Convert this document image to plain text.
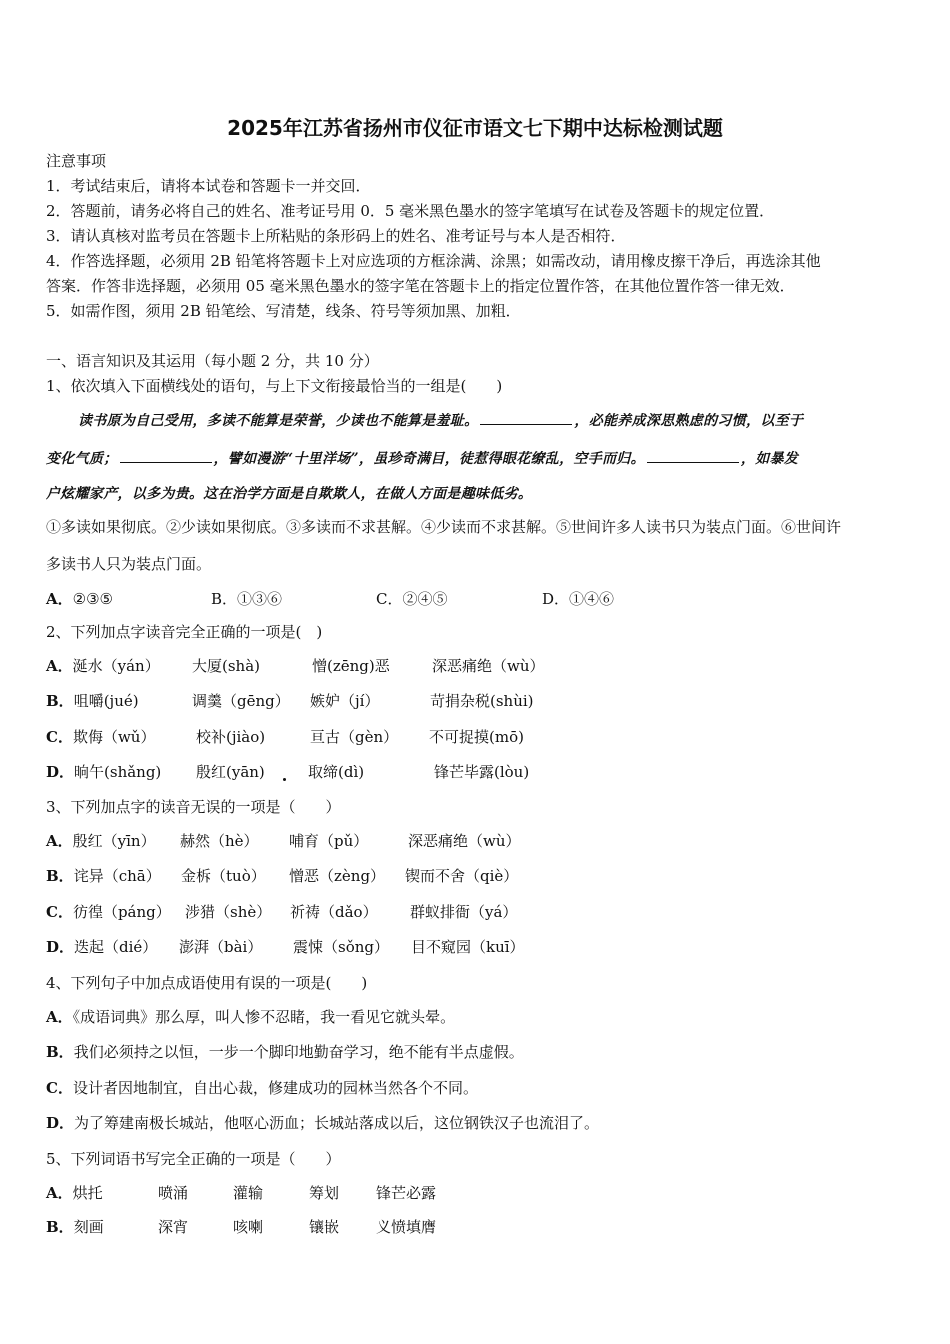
2025年江苏省扬州市仪征市语文七下期中达标检测试题
注意事项
1．考试结束后，请将本试卷和答题卡一并交回．
2．答题前，请务必将自己的姓名、准考证号用 0．5 毫米黑色墨水的签字笔填写在试卷及答题卡的规定位置．
3．请认真核对监考员在答题卡上所粘贴的条形码上的姓名、准考证号与本人是否相符．
4．作答选择题，必须用 2B 铅笔将答题卡上对应选项的方框涂满、涂黑；如需改动，请用橡皮擦干净后，再选涂其他
答案．作答非选择题，必须用 05 毫米黑色墨水的签字笔在答题卡上的指定位置作答，在其他位置作答一律无效．
5．如需作图，须用 2B 铅笔绘、写清楚，线条、符号等须加黑、加粗．
一、语言知识及其运用（每小题 2 分，共 10 分）
1、依次填入下面横线处的语句，与上下文衔接最恰当的一组是(　　)
读书原为自己受用，多读不能算是荣誉，少读也不能算是羞耻。	，必能养成深思熟虑的习惯，以至于
变化气质；	，譬如漫游“十里洋场”，虽珍奇满目，徒惹得眼花缭乱，空手而归。	，如暴发
户炫耀家产，以多为贵。这在治学方面是自欺欺人，在做人方面是趣味低劣。
①多读如果彻底。②少读如果彻底。③多读而不求甚解。④少读而不求甚解。⑤世间许多人读书只为装点门面。⑥世间许
多读书人只为装点门面。
A．②③⑤	B．①③⑥	C．②④⑤	D．①④⑥
2、下列加点字读音完全正确的一项是(　)
A．涎水（yán） 大厦(shà)	憎(zēng)恶	深恶痛绝（wù）
B．咀嚼(jué)	调羹（gēng） 嫉妒（jí）	苛捐杂税(shùi)
C．欺侮（wǔ）	校补(jiào)	亘古（gèn） 不可捉摸(mō)
D．晌午(shǎng) 殷红(yān)	取缔(dì)	锋芒毕露(lòu)
3、下列加点字的读音无误的一项是（　　）
A．殷红（yīn） 赫然（hè） 哺育（pǔ）	深恶痛绝（wù）
B．诧异（chā） 金柝（tuò） 憎恶（zèng） 锲而不舍（qiè）
C．彷徨（páng） 涉猎（shè） 祈祷（dǎo） 群蚁排衙（yá）
D．迭起（dié） 澎湃（bài） 震悚（sǒng） 目不窥园（kuī）
4、下列句子中加点成语使用有误的一项是(　　)
A．《成语词典》那么厚，叫人惨不忍睹，我一看见它就头晕。
B．我们必须持之以恒，一步一个脚印地勤奋学习，绝不能有半点虚假。
C．设计者因地制宜，自出心裁，修建成功的园林当然各个不同。
D．为了筹建南极长城站，他呕心沥血；长城站落成以后，这位钢铁汉子也流泪了。
5、下列词语书写完全正确的一项是（　　）
A．烘托	喷涌	灌输	筹划 锋芒必露
B．刻画	深宵	咳喇	镶嵌 义愤填膺
